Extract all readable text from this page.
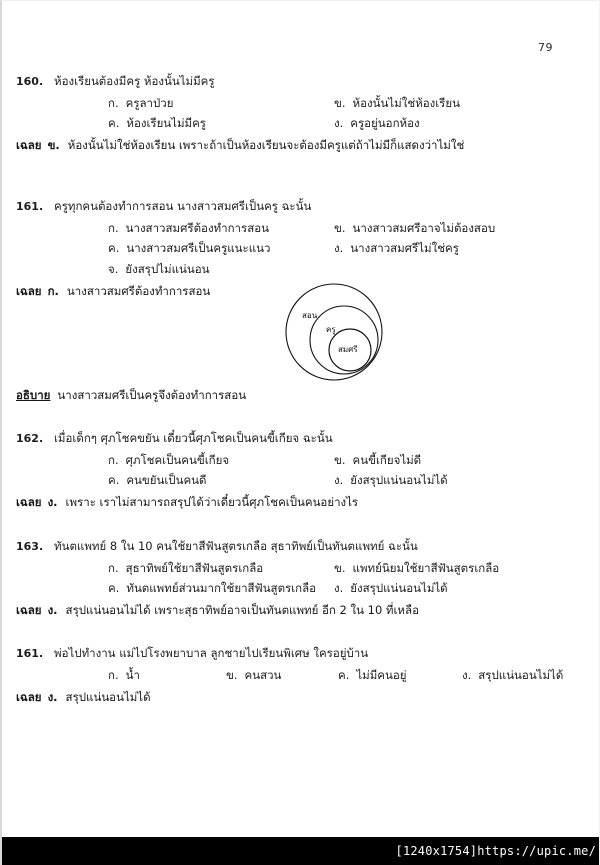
79
160. ห้องเรียนต้องมีครู ห้องนั้นไม่มีครู
ก. ครูลาป่วย	ข. ห้องนั้นไม่ใช่ห้องเรียน
ค. ห้องเรียนไม่มีครู	ง. ครูอยู่นอกห้อง
เฉลย ข. ห้องนั้นไม่ใช่ห้องเรียน เพราะถ้าเป็นห้องเรียนจะต้องมีครูแต่ถ้าไม่มีก็แสดงว่าไม่ใช่
161. ครูทุกคนต้องทำการสอน นางสาวสมศรีเป็นครู ฉะนั้น
ก. นางสาวสมศรีต้องทำการสอน	ข. นางสาวสมศรีอาจไม่ต้องสอบ
ค. นางสาวสมศรีเป็นครูแนะแนว	ง. นางสาวสมศรีไม่ใช่ครู
จ. ยังสรุปไม่แน่นอน
เฉลย ก. นางสาวสมศรีต้องทำการสอน
สอน
ครู
สมศรี
อธิบาย นางสาวสมศรีเป็นครูจึงต้องทำการสอน
162. เมื่อเด็กๆ ศุภโชคขยัน เดี๋ยวนี้ศุภโชคเป็นคนขี้เกียจ ฉะนั้น
ก. ศุภโชคเป็นคนขี้เกียจ	ข. คนขี้เกียจไม่ดี
ค. คนขยันเป็นคนดี	ง. ยังสรุปแน่นอนไม่ได้
เฉลย ง. เพราะ เราไม่สามารถสรุปได้ว่าเดี๋ยวนี้ศุภโชคเป็นคนอย่างไร
163. ทันตแพทย์ 8 ใน 10 คนใช้ยาสีฟันสูตรเกลือ สุธาทิพย์เป็นทันตแพทย์ ฉะนั้น
ก. สุธาทิพย์ใช้ยาสีฟันสูตรเกลือ	ข. แพทย์นิยมใช้ยาสีฟันสูตรเกลือ
ค. ทันตแพทย์ส่วนมากใช้ยาสีฟันสูตรเกลือ ง. ยังสรุปแน่นอนไม่ได้
เฉลย ง. สรุปแน่นอนไม่ได้ เพราะสุธาทิพย์อาจเป็นทันตแพทย์ อีก 2 ใน 10 ที่เหลือ
161. พ่อไปทำงาน แม่ไปโรงพยาบาล ลูกชายไปเรียนพิเศษ ใครอยู่บ้าน
ก. น้ำ	ข. คนสวน	ค. ไม่มีคนอยู่	ง. สรุปแน่นอนไม่ได้
เฉลย ง. สรุปแน่นอนไม่ได้
[1240x1754]https://upic.me/
